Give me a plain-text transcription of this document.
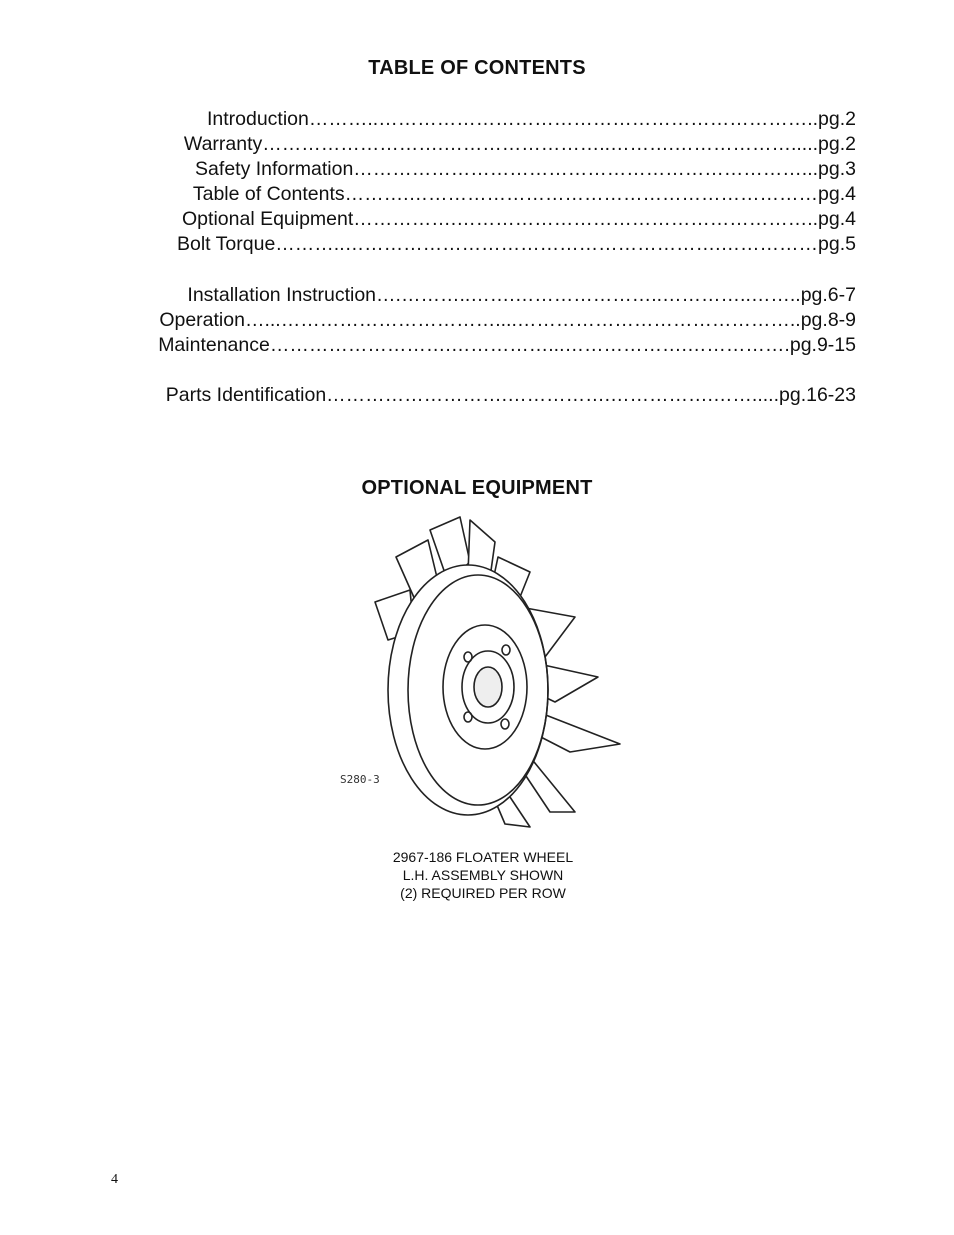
TABLE OF CONTENTS
Introduction………..…………………………………………………………..pg.2
Warranty……………………….……………………..……….……………….....pg.2
Safety Information……………………………………………………………...pg.3
Table of Contents……….………………………………………………………pg.4
Optional Equipment…………….………………………………………………..pg.4
Bolt Torque………..………………………………………………….……………pg.5
Installation Instruction….………..…….…………………..…………..……..pg.6-7
Operation…...……………………………....……………………………………..pg.8-9
Maintenance……………………….……………...……………….…………….pg.9-15
Parts Identification……………………….…………….…………….…….....pg.16-23
OPTIONAL EQUIPMENT
S280-3
2967-186 FLOATER WHEEL
L.H. ASSEMBLY SHOWN
(2) REQUIRED PER ROW
4
